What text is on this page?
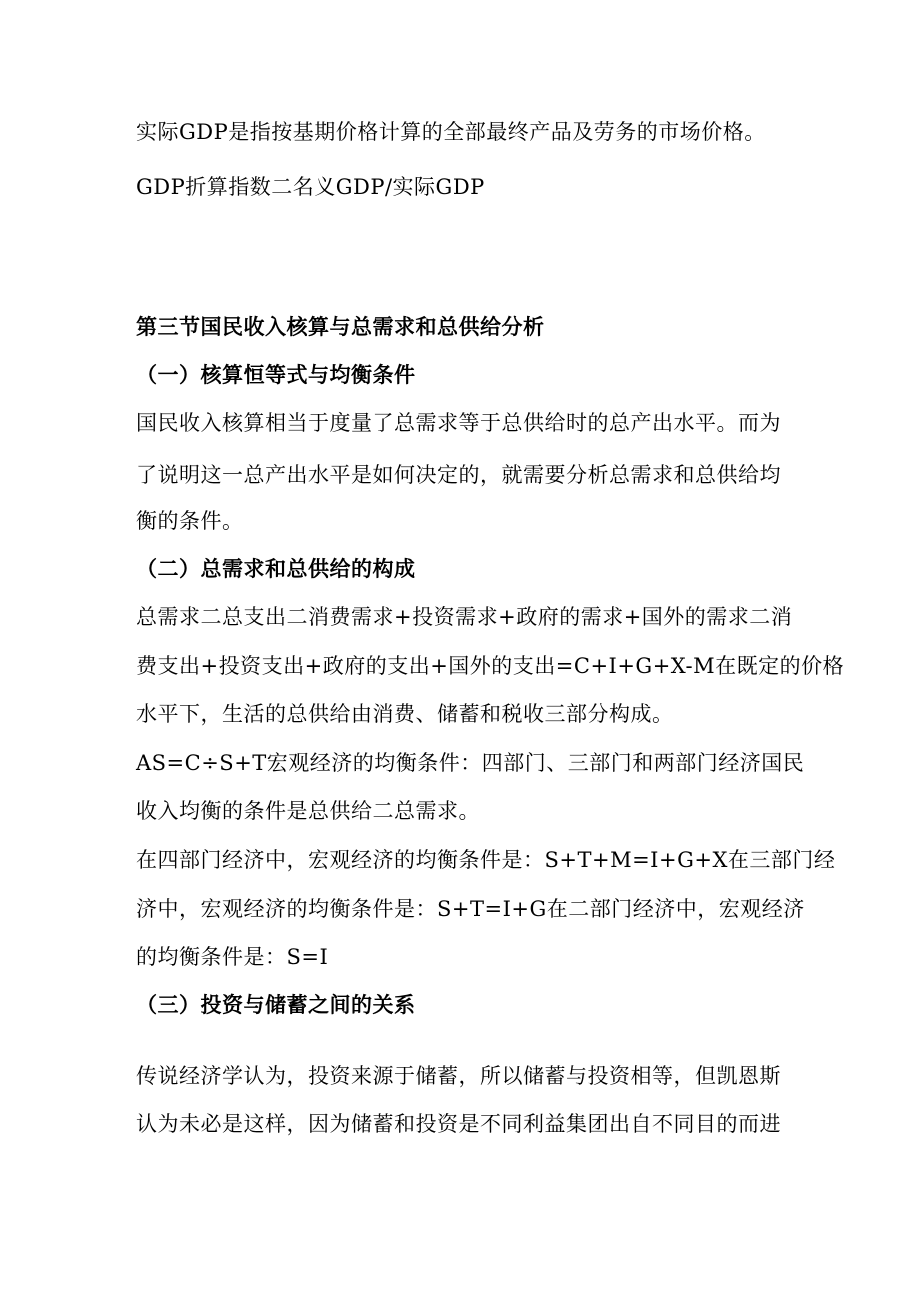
实际GDP是指按基期价格计算的全部最终产品及劳务的市场价格。
GDP折算指数二名义GDP/实际GDP
第三节国民收入核算与总需求和总供给分析
（一）核算恒等式与均衡条件
国民收入核算相当于度量了总需求等于总供给时的总产出水平。而为
了说明这一总产出水平是如何决定的，就需要分析总需求和总供给均
衡的条件。
（二）总需求和总供给的构成
总需求二总支出二消费需求+投资需求+政府的需求+国外的需求二消
费支出+投资支出+政府的支出+国外的支出=C+I+G+X-M在既定的价格
水平下，生活的总供给由消费、储蓄和税收三部分构成。
AS=C÷S+T宏观经济的均衡条件：四部门、三部门和两部门经济国民
收入均衡的条件是总供给二总需求。
在四部门经济中，宏观经济的均衡条件是：S+T+M=I+G+X在三部门经
济中，宏观经济的均衡条件是：S+T=I+G在二部门经济中，宏观经济
的均衡条件是：S=I
（三）投资与储蓄之间的关系
传说经济学认为，投资来源于储蓄，所以储蓄与投资相等，但凯恩斯
认为未必是这样，因为储蓄和投资是不同利益集团出自不同目的而进
